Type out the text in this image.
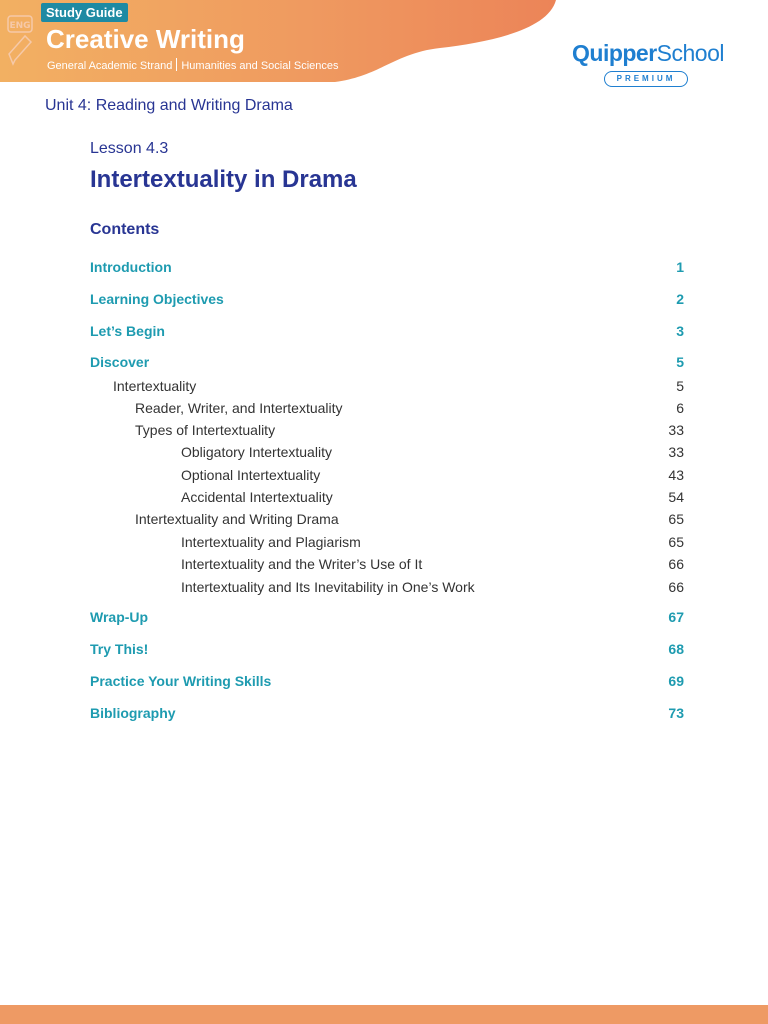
Study Guide
ENG Creative Writing
General Academic Strand Humanities and Social Sciences	QuipperSchool
PREMIUM
Unit 4: Reading and Writing Drama
Lesson 4.3
Intertextuality in Drama
Contents
Introduction	1
Learning Objectives	2
Let’s Begin	3
Discover	5
Intertextuality	5
Reader, Writer, and Intertextuality	6
Types of Intertextuality	33
Obligatory Intertextuality	33
Optional Intertextuality	43
Accidental Intertextuality	54
Intertextuality and Writing Drama	65
Intertextuality and Plagiarism	65
Intertextuality and the Writer’s Use of It	66
Intertextuality and Its Inevitability in One’s Work	66
Wrap-Up	67
Try This!	68
Practice Your Writing Skills	69
Bibliography	73
